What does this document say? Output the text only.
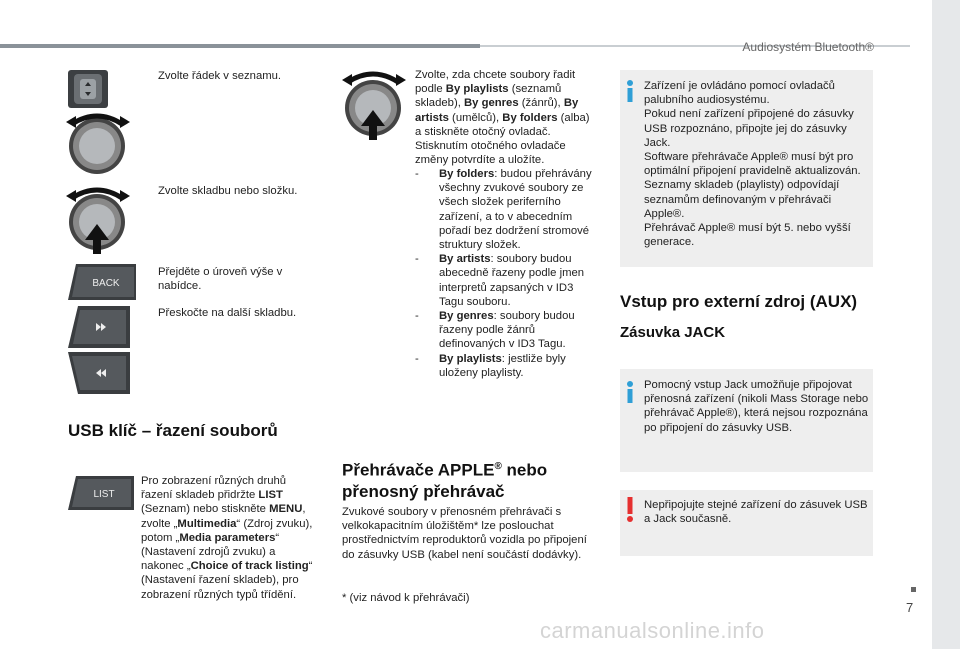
Audiosystém Bluetooth®
7
BACK
Zvolte řádek v seznamu.
Zvolte skladbu nebo složku.
Přejděte o úroveň výše v nabídce.
Přeskočte na další skladbu.
USB klíč – řazení souborů
LIST
Pro zobrazení různých druhů řazení skladeb přidržte LIST (Seznam) nebo stiskněte MENU, zvolte „Multimedia“ (Zdroj zvuku), potom „Media parameters“ (Nastavení zdrojů zvuku) a nakonec „Choice of track listing“ (Nastavení řazení skladeb), pro zobrazení různých typů třídění.
Zvolte, zda chcete soubory řadit podle By playlists (seznamů skladeb), By genres (žánrů), By artists (umělců), By folders (alba) a stiskněte otočný ovladač. Stisknutím otočného ovladače změny potvrdíte a uložíte.
-	By folders: budou přehrávány všechny zvukové soubory ze všech složek periferního zařízení, a to v abecedním pořadí bez dodržení stromové struktury složek.
-	By artists: soubory budou abecedně řazeny podle jmen interpretů zapsaných v ID3 Tagu souboru.
-	By genres: soubory budou řazeny podle žánrů definovaných v ID3 Tagu.
-	By playlists: jestliže byly uloženy playlisty.
Přehrávače APPLE® nebo
přenosný přehrávač
Zvukové soubory v přenosném přehrávači s velkokapacitním úložištěm* lze poslouchat prostřednictvím reproduktorů vozidla po připojení do zásuvky USB (kabel není součástí dodávky).
* (viz návod k přehrávači)
Zařízení je ovládáno pomocí ovladačů palubního audiosystému.
Pokud není zařízení připojené do zásuvky USB rozpoznáno, připojte jej do zásuvky Jack.
Software přehrávače Apple® musí být pro optimální připojení pravidelně aktualizován.
Seznamy skladeb (playlisty) odpovídají seznamům definovaným v přehrávači Apple®.
Přehrávač Apple® musí být 5. nebo vyšší generace.
Vstup pro externí zdroj (AUX)
Zásuvka JACK
Pomocný vstup Jack umožňuje připojovat přenosná zařízení (nikoli Mass Storage nebo přehrávač Apple®), která nejsou rozpoznána po připojení do zásuvky USB.
Nepřipojujte stejné zařízení do zásuvek USB a Jack současně.
carmanualsonline.info
